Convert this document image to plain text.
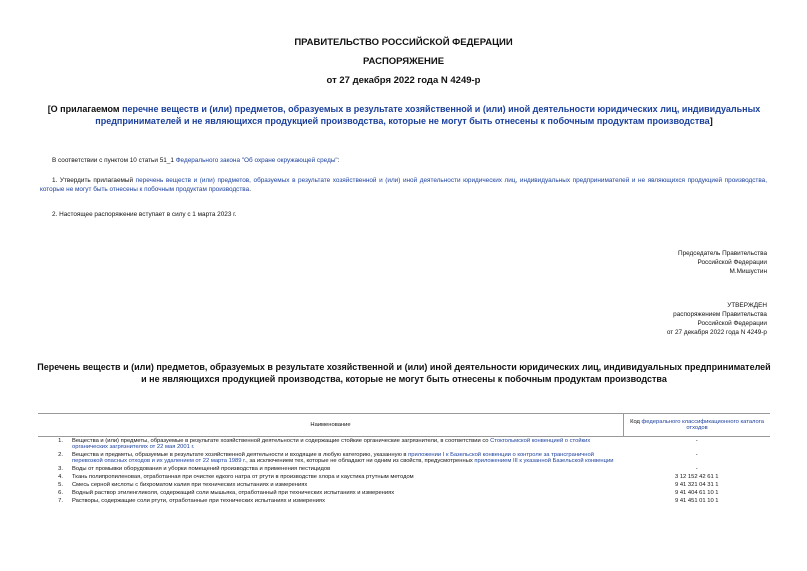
ПРАВИТЕЛЬСТВО РОССИЙСКОЙ ФЕДЕРАЦИИ
РАСПОРЯЖЕНИЕ
от 27 декабря 2022 года N 4249-р
[О прилагаемом перечне веществ и (или) предметов, образуемых в результате хозяйственной и (или) иной деятельности юридических лиц, индивидуальных предпринимателей и не являющихся продукцией производства, которые не могут быть отнесены к побочным продуктам производства]
В соответствии с пунктом 10 статьи 51_1 Федерального закона "Об охране окружающей среды":
1. Утвердить прилагаемый перечень веществ и (или) предметов, образуемых в результате хозяйственной и (или) иной деятельности юридических лиц, индивидуальных предпринимателей и не являющихся продукцией производства, которые не могут быть отнесены к побочным продуктам производства.
2. Настоящее распоряжение вступает в силу с 1 марта 2023 г.
Председатель Правительства
Российской Федерации
М.Мишустин
УТВЕРЖДЕН
распоряжением Правительства
Российской Федерации
от 27 декабря 2022 года N 4249-р
Перечень веществ и (или) предметов, образуемых в результате хозяйственной и (или) иной деятельности юридических лиц, индивидуальных предпринимателей и не являющихся продукцией производства, которые не могут быть отнесены к побочным продуктам производства
Наименование		Код федерального классификационного каталога отходов
1.	Вещества и (или) предметы, образуемые в результате хозяйственной деятельности и содержащие стойкие органические загрязнители, в соответствии со Стокгольмской конвенцией о стойких органических загрязнителях от 22 мая 2001 г.	-
2.	Вещества и предметы, образуемые в результате хозяйственной деятельности и входящие в любую категорию, указанную в приложении I к Базельской конвенции о контроле за трансграничной перевозкой опасных отходов и их удалением от 22 марта 1989 г., за исключением тех, которые не обладают ни одним из свойств, предусмотренных приложением III к указанной Базельской конвенции	-
3.	Воды от промывки оборудования и уборки помещений производства и применения пестицидов	-
4.	Ткань полипропиленовая, отработанная при очистке едкого натра от ртути в производстве хлора и каустика ртутным методом	3 12 152 42 61 1
5.	Смесь серной кислоты с бихроматом калия при технических испытаниях и измерениях	9 41 321 04 31 1
6.	Водный раствор этиленгликоля, содержащий соли мышьяка, отработанный при технических испытаниях и измерениях	9 41 404 61 10 1
7.	Растворы, содержащие соли ртути, отработанные при технических испытаниях и измерениях	9 41 451 01 10 1
